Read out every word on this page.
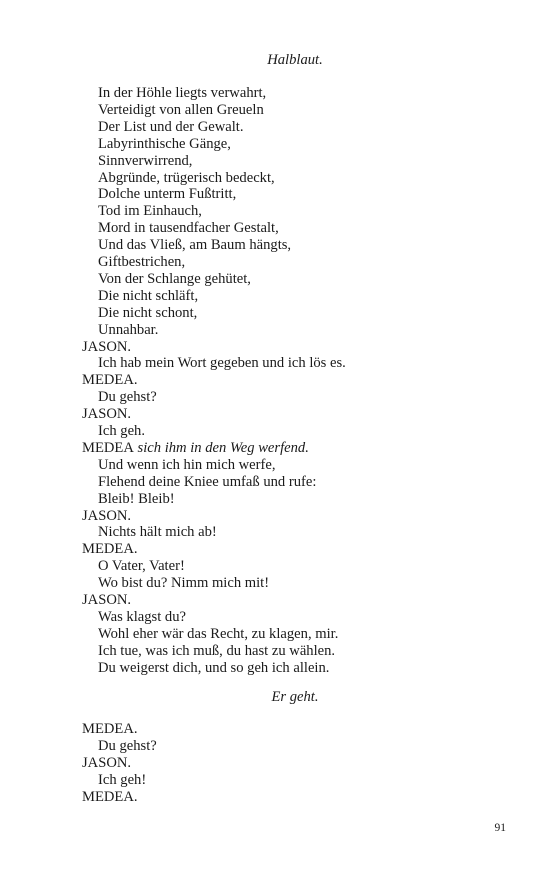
Halblaut.
In der Höhle liegts verwahrt,
Verteidigt von allen Greueln
Der List und der Gewalt.
Labyrinthische Gänge,
Sinnverwirrend,
Abgründe, trügerisch bedeckt,
Dolche unterm Fußtritt,
Tod im Einhauch,
Mord in tausendfacher Gestalt,
Und das Vließ, am Baum hängts,
Giftbestrichen,
Von der Schlange gehütet,
Die nicht schläft,
Die nicht schont,
Unnahbar.
JASON.
Ich hab mein Wort gegeben und ich lös es.
MEDEA.
Du gehst?
JASON.
Ich geh.
MEDEA sich ihm in den Weg werfend.
Und wenn ich hin mich werfe,
Flehend deine Kniee umfaß und rufe:
Bleib! Bleib!
JASON.
Nichts hält mich ab!
MEDEA.
O Vater, Vater!
Wo bist du? Nimm mich mit!
JASON.
Was klagst du?
Wohl eher wär das Recht, zu klagen, mir.
Ich tue, was ich muß, du hast zu wählen.
Du weigerst dich, und so geh ich allein.
Er geht.
MEDEA.
Du gehst?
JASON.
Ich geh!
MEDEA.
91
